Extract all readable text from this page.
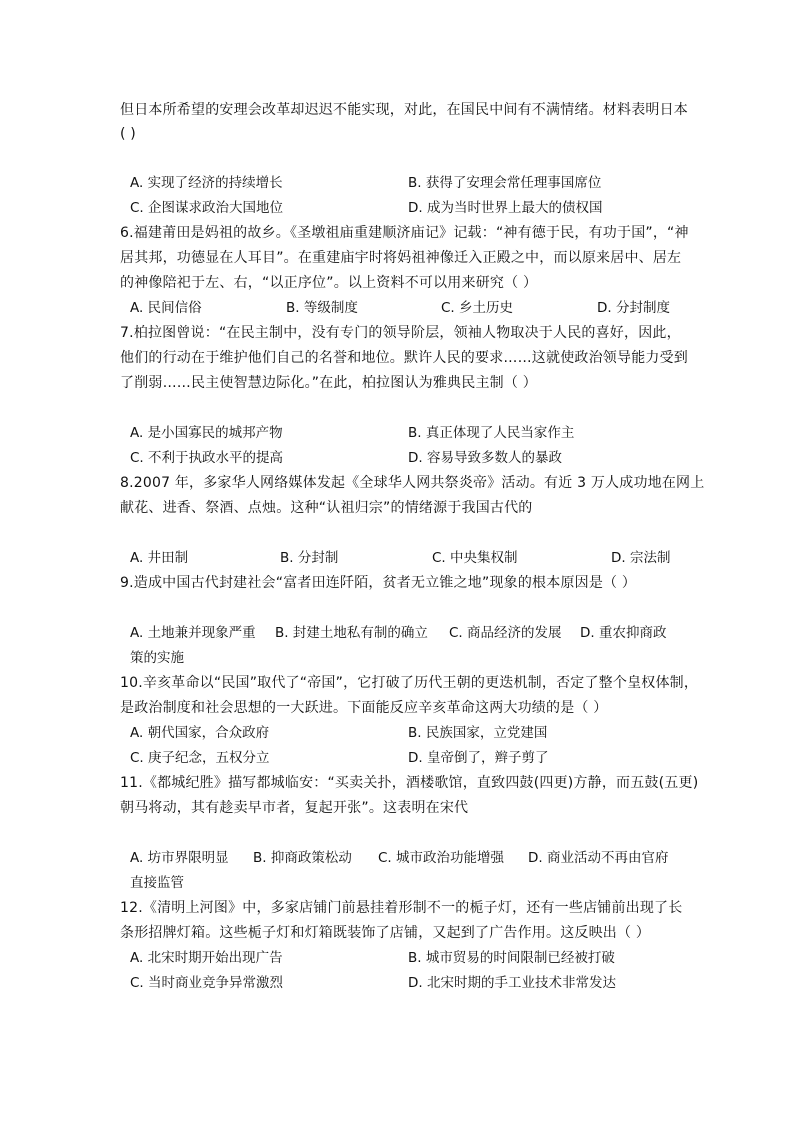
但日本所希望的安理会改革却迟迟不能实现，对此，在国民中间有不满情绪。材料表明日本
( )
A. 实现了经济的持续增长	B. 获得了安理会常任理事国席位
C. 企图谋求政治大国地位	D. 成为当时世界上最大的债权国
6.福建莆田是妈祖的故乡。《圣墩祖庙重建顺济庙记》记载：“神有德于民，有功于国”，“神
居其邦，功德显在人耳目”。在重建庙宇时将妈祖神像迁入正殿之中，而以原来居中、居左
的神像陪祀于左、右，“以正序位”。以上资料不可以用来研究（ ）
A. 民间信俗	B. 等级制度	C. 乡土历史	D. 分封制度
7.柏拉图曾说：“在民主制中，没有专门的领导阶层，领袖人物取决于人民的喜好，因此，
他们的行动在于维护他们自己的名誉和地位。默许人民的要求……这就使政治领导能力受到
了削弱……民主使智慧边际化。”在此，柏拉图认为雅典民主制（ ）
A. 是小国寡民的城邦产物	B. 真正体现了人民当家作主
C. 不利于执政水平的提高	D. 容易导致多数人的暴政
8.2007 年，多家华人网络媒体发起《全球华人网共祭炎帝》活动。有近 3 万人成功地在网上
献花、进香、祭酒、点烛。这种“认祖归宗”的情绪源于我国古代的
A. 井田制	B. 分封制	C. 中央集权制	D. 宗法制
9.造成中国古代封建社会“富者田连阡陌，贫者无立锥之地”现象的根本原因是（ ）
A. 土地兼并现象严重 B. 封建土地私有制的确立 C. 商品经济的发展 D. 重农抑商政
策的实施
10.辛亥革命以“民国”取代了“帝国”，它打破了历代王朝的更迭机制，否定了整个皇权体制，
是政治制度和社会思想的一大跃进。下面能反应辛亥革命这两大功绩的是（ ）
A. 朝代国家，合众政府	B. 民族国家，立党建国
C. 庚子纪念，五权分立	D. 皇帝倒了，辫子剪了
11.《都城纪胜》描写都城临安：“买卖关扑，酒楼歌馆，直致四鼓(四更)方静，而五鼓(五更)
朝马将动，其有趁卖早市者，复起开张”。这表明在宋代
A. 坊市界限明显 B. 抑商政策松动 C. 城市政治功能增强 D. 商业活动不再由官府
直接监管
12.《清明上河图》中，多家店铺门前悬挂着形制不一的栀子灯，还有一些店铺前出现了长
条形招牌灯箱。这些栀子灯和灯箱既装饰了店铺，又起到了广告作用。这反映出（ ）
A. 北宋时期开始出现广告	B. 城市贸易的时间限制已经被打破
C. 当时商业竞争异常激烈	D. 北宋时期的手工业技术非常发达
